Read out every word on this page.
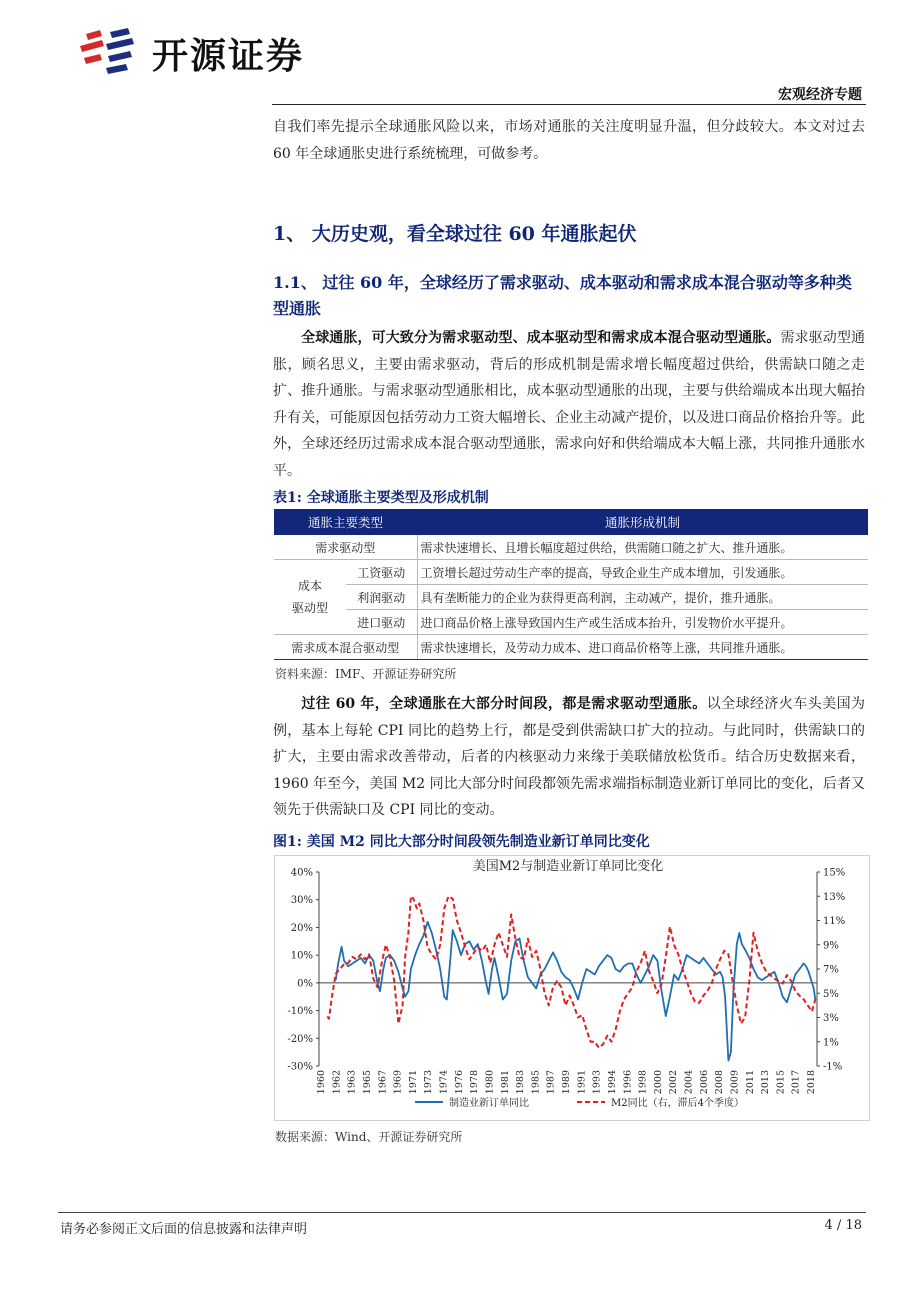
开源证券
宏观经济专题
自我们率先提示全球通胀风险以来，市场对通胀的关注度明显升温，但分歧较大。本文对过去 60 年全球通胀史进行系统梳理，可做参考。
1、 大历史观，看全球过往 60 年通胀起伏
1.1、 过往 60 年，全球经历了需求驱动、成本驱动和需求成本混合驱动等多种类型通胀
全球通胀，可大致分为需求驱动型、成本驱动型和需求成本混合驱动型通胀。需求驱动型通胀，顾名思义，主要由需求驱动，背后的形成机制是需求增长幅度超过供给，供需缺口随之走扩、推升通胀。与需求驱动型通胀相比，成本驱动型通胀的出现，主要与供给端成本出现大幅抬升有关，可能原因包括劳动力工资大幅增长、企业主动减产提价，以及进口商品价格抬升等。此外，全球还经历过需求成本混合驱动型通胀，需求向好和供给端成本大幅上涨，共同推升通胀水平。
表1: 全球通胀主要类型及形成机制
通胀主要类型		通胀形成机制
需求驱动型		需求快速增长、且增长幅度超过供给，供需随口随之扩大、推升通胀。
成本
驱动型	工资驱动	工资增长超过劳动生产率的提高，导致企业生产成本增加，引发通胀。
	利润驱动	具有垄断能力的企业为获得更高利润，主动减产，提价，推升通胀。
	进口驱动	进口商品价格上涨导致国内生产或生活成本抬升，引发物价水平提升。
需求成本混合驱动型		需求快速增长，及劳动力成本、进口商品价格等上涨，共同推升通胀。
资料来源：IMF、开源证券研究所
过往 60 年，全球通胀在大部分时间段，都是需求驱动型通胀。以全球经济火车头美国为例，基本上每轮 CPI 同比的趋势上行，都是受到供需缺口扩大的拉动。与此同时，供需缺口的扩大，主要由需求改善带动，后者的内核驱动力来缘于美联储放松货币。结合历史数据来看，1960 年至今，美国 M2 同比大部分时间段都领先需求端指标制造业新订单同比的变化，后者又领先于供需缺口及 CPI 同比的变动。
图1: 美国 M2 同比大部分时间段领先制造业新订单同比变化
美国M2与制造业新订单同比变化
40%
30%
20%
10%
0%
-10%
-20%
-30%
15%
13%
11%
9%
7%
5%
3%
1%
-1%
1960 1962 1963 1965 1967 1969 1971 1973 1974 1976 1978 1980 1981 1983 1985 1987 1989 1991 1993 1994 1996 1998 2000 2002 2004 2006 2008 2009 2011 2013 2015 2017 2018
制造业新订单同比	M2同比（右，滞后4个季度）
数据来源：Wind、开源证券研究所
请务必参阅正文后面的信息披露和法律声明	4 / 18
